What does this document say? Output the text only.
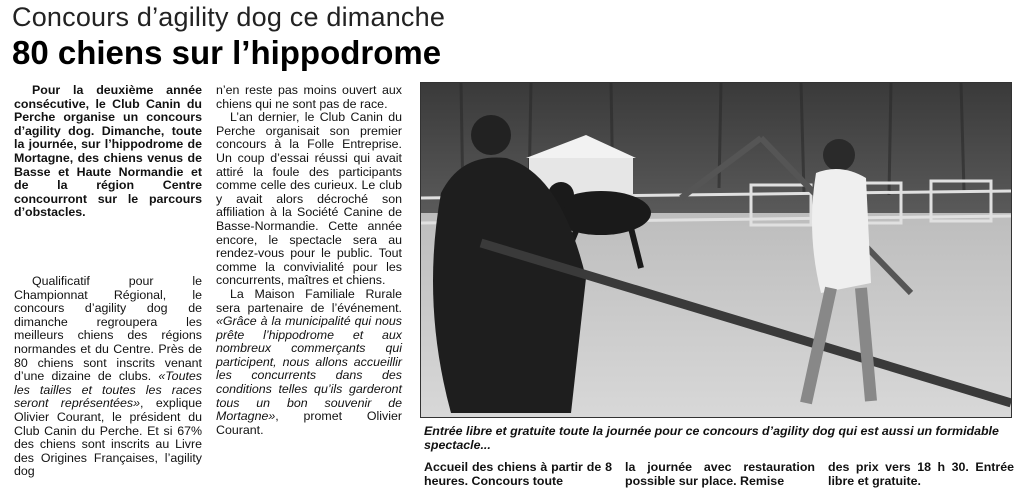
Concours d’agility dog ce dimanche
80 chiens sur l’hippodrome

Pour la deuxième année consécutive, le Club Canin du Perche organise un concours d’agility dog. Dimanche, toute la journée, sur l’hippodrome de Mortagne, des chiens venus de Basse et Haute Normandie et de la région Centre concourront sur le parcours d’obstacles.

Qualificatif pour le Championnat Régional, le concours d’agility dog de dimanche regroupera les meilleurs chiens des régions normandes et du Centre. Près de 80 chiens sont inscrits venant d’une dizaine de clubs. «Toutes les tailles et toutes les races seront représentées», explique Olivier Courant, le président du Club Canin du Perche. Et si 67% des chiens sont inscrits au Livre des Origines Françaises, l’agility dog

n’en reste pas moins ouvert aux chiens qui ne sont pas de race.

L’an dernier, le Club Canin du Perche organisait son premier concours à la Folle Entreprise. Un coup d’essai réussi qui avait attiré la foule des participants comme celle des curieux. Le club y avait alors décroché son affiliation à la Société Canine de Basse-Normandie. Cette année encore, le spectacle sera au rendez-vous pour le public. Tout comme la convivialité pour les concurrents, maîtres et chiens.

La Maison Familiale Rurale sera partenaire de l’événement. «Grâce à la municipalité qui nous prête l’hippodrome et aux nombreux commerçants qui participent, nous allons accueillir les concurrents dans des conditions telles qu’ils garderont tous un bon souvenir de Mortagne», promet Olivier Courant.	Entrée libre et gratuite toute la journée pour ce concours d’agility dog qui est aussi un formidable spectacle...

Accueil des chiens à partir de 8 heures. Concours toute

la journée avec restauration possible sur place. Remise

des prix vers 18 h 30. Entrée libre et gratuite.
